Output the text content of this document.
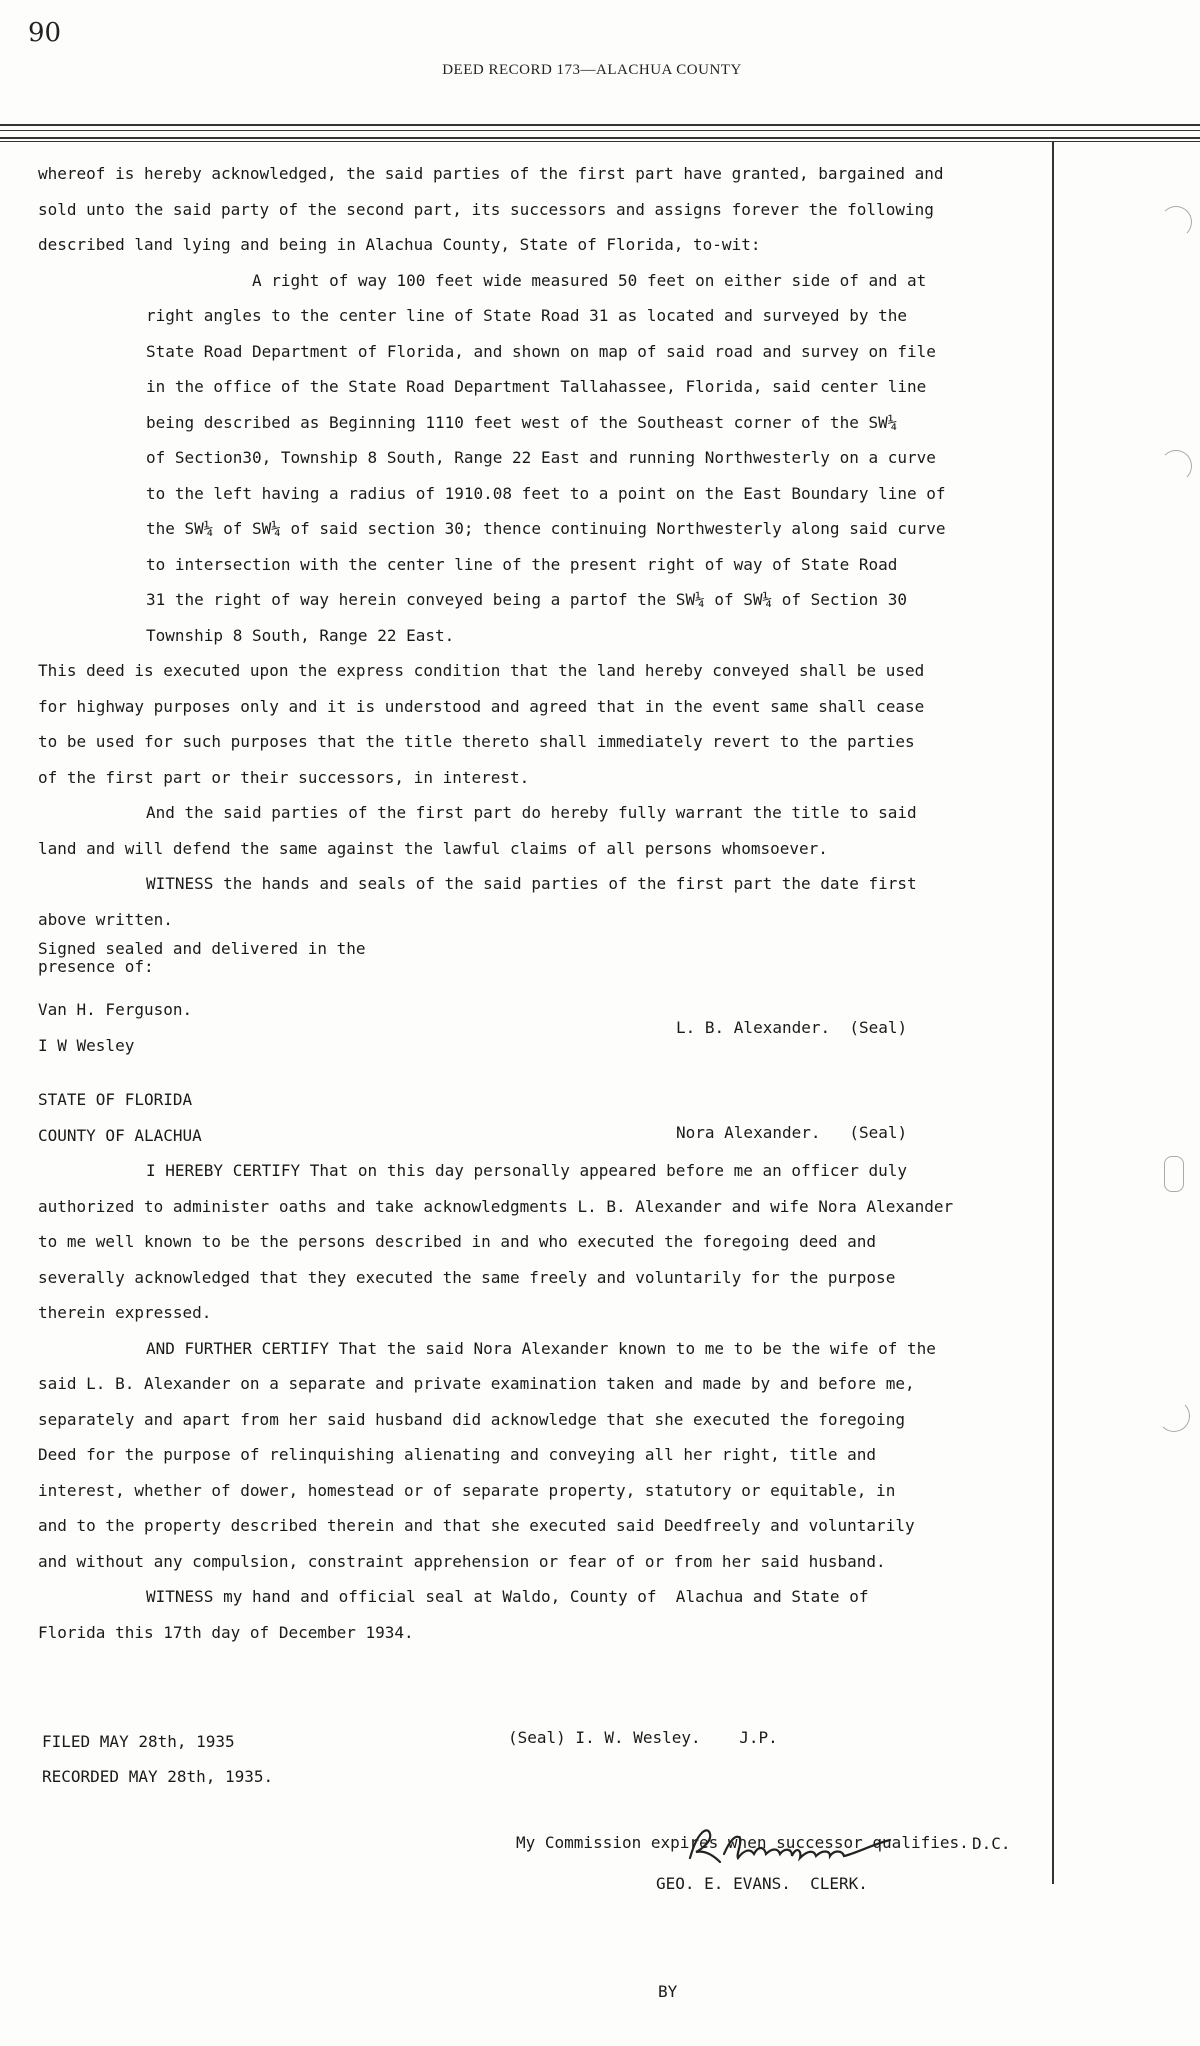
90
DEED RECORD 173—ALACHUA COUNTY
whereof is hereby acknowledged, the said parties of the first part have granted, bargained and
sold unto the said party of the second part, its successors and assigns forever the following
described land lying and being in Alachua County, State of Florida, to-wit:
A right of way 100 feet wide measured 50 feet on either side of and at
right angles to the center line of State Road 31 as located and surveyed by the
State Road Department of Florida, and shown on map of said road and survey on file
in the office of the State Road Department Tallahassee, Florida, said center line
being described as Beginning 1110 feet west of the Southeast corner of the SW¼
of Section30, Township 8 South, Range 22 East and running Northwesterly on a curve
to the left having a radius of 1910.08 feet to a point on the East Boundary line of
the SW¼ of SW¼ of said section 30; thence continuing Northwesterly along said curve
to intersection with the center line of the present right of way of State Road
31 the right of way herein conveyed being a partof the SW¼ of SW¼ of Section 30
Township 8 South, Range 22 East.
This deed is executed upon the express condition that the land hereby conveyed shall be used
for highway purposes only and it is understood and agreed that in the event same shall cease
to be used for such purposes that the title thereto shall immediately revert to the parties
of the first part or their successors, in interest.
And the said parties of the first part do hereby fully warrant the title to said
land and will defend the same against the lawful claims of all persons whomsoever.
WITNESS the hands and seals of the said parties of the first part the date first
above written.
Signed sealed and delivered in the
presence of:

L. B. Alexander.  (Seal)

Nora Alexander.   (Seal)

Van H. Ferguson.
I W Wesley
STATE OF FLORIDA
COUNTY OF ALACHUA
I HEREBY CERTIFY That on this day personally appeared before me an officer duly
authorized to administer oaths and take acknowledgments L. B. Alexander and wife Nora Alexander
to me well known to be the persons described in and who executed the foregoing deed and
severally acknowledged that they executed the same freely and voluntarily for the purpose
therein expressed.
AND FURTHER CERTIFY That the said Nora Alexander known to me to be the wife of the
said L. B. Alexander on a separate and private examination taken and made by and before me,
separately and apart from her said husband did acknowledge that she executed the foregoing
Deed for the purpose of relinquishing alienating and conveying all her right, title and
interest, whether of dower, homestead or of separate property, statutory or equitable, in
and to the property described therein and that she executed said Deedfreely and voluntarily
and without any compulsion, constraint apprehension or fear of or from her said husband.
WITNESS my hand and official seal at Waldo, County of  Alachua and State of
Florida this 17th day of December 1934.

(Seal) I. W. Wesley.    J.P.

My Commission expires when successor qualifies.

FILED MAY 28th, 1935
RECORDED MAY 28th, 1935.

GEO. E. EVANS.  CLERK.

BY

D.C.
